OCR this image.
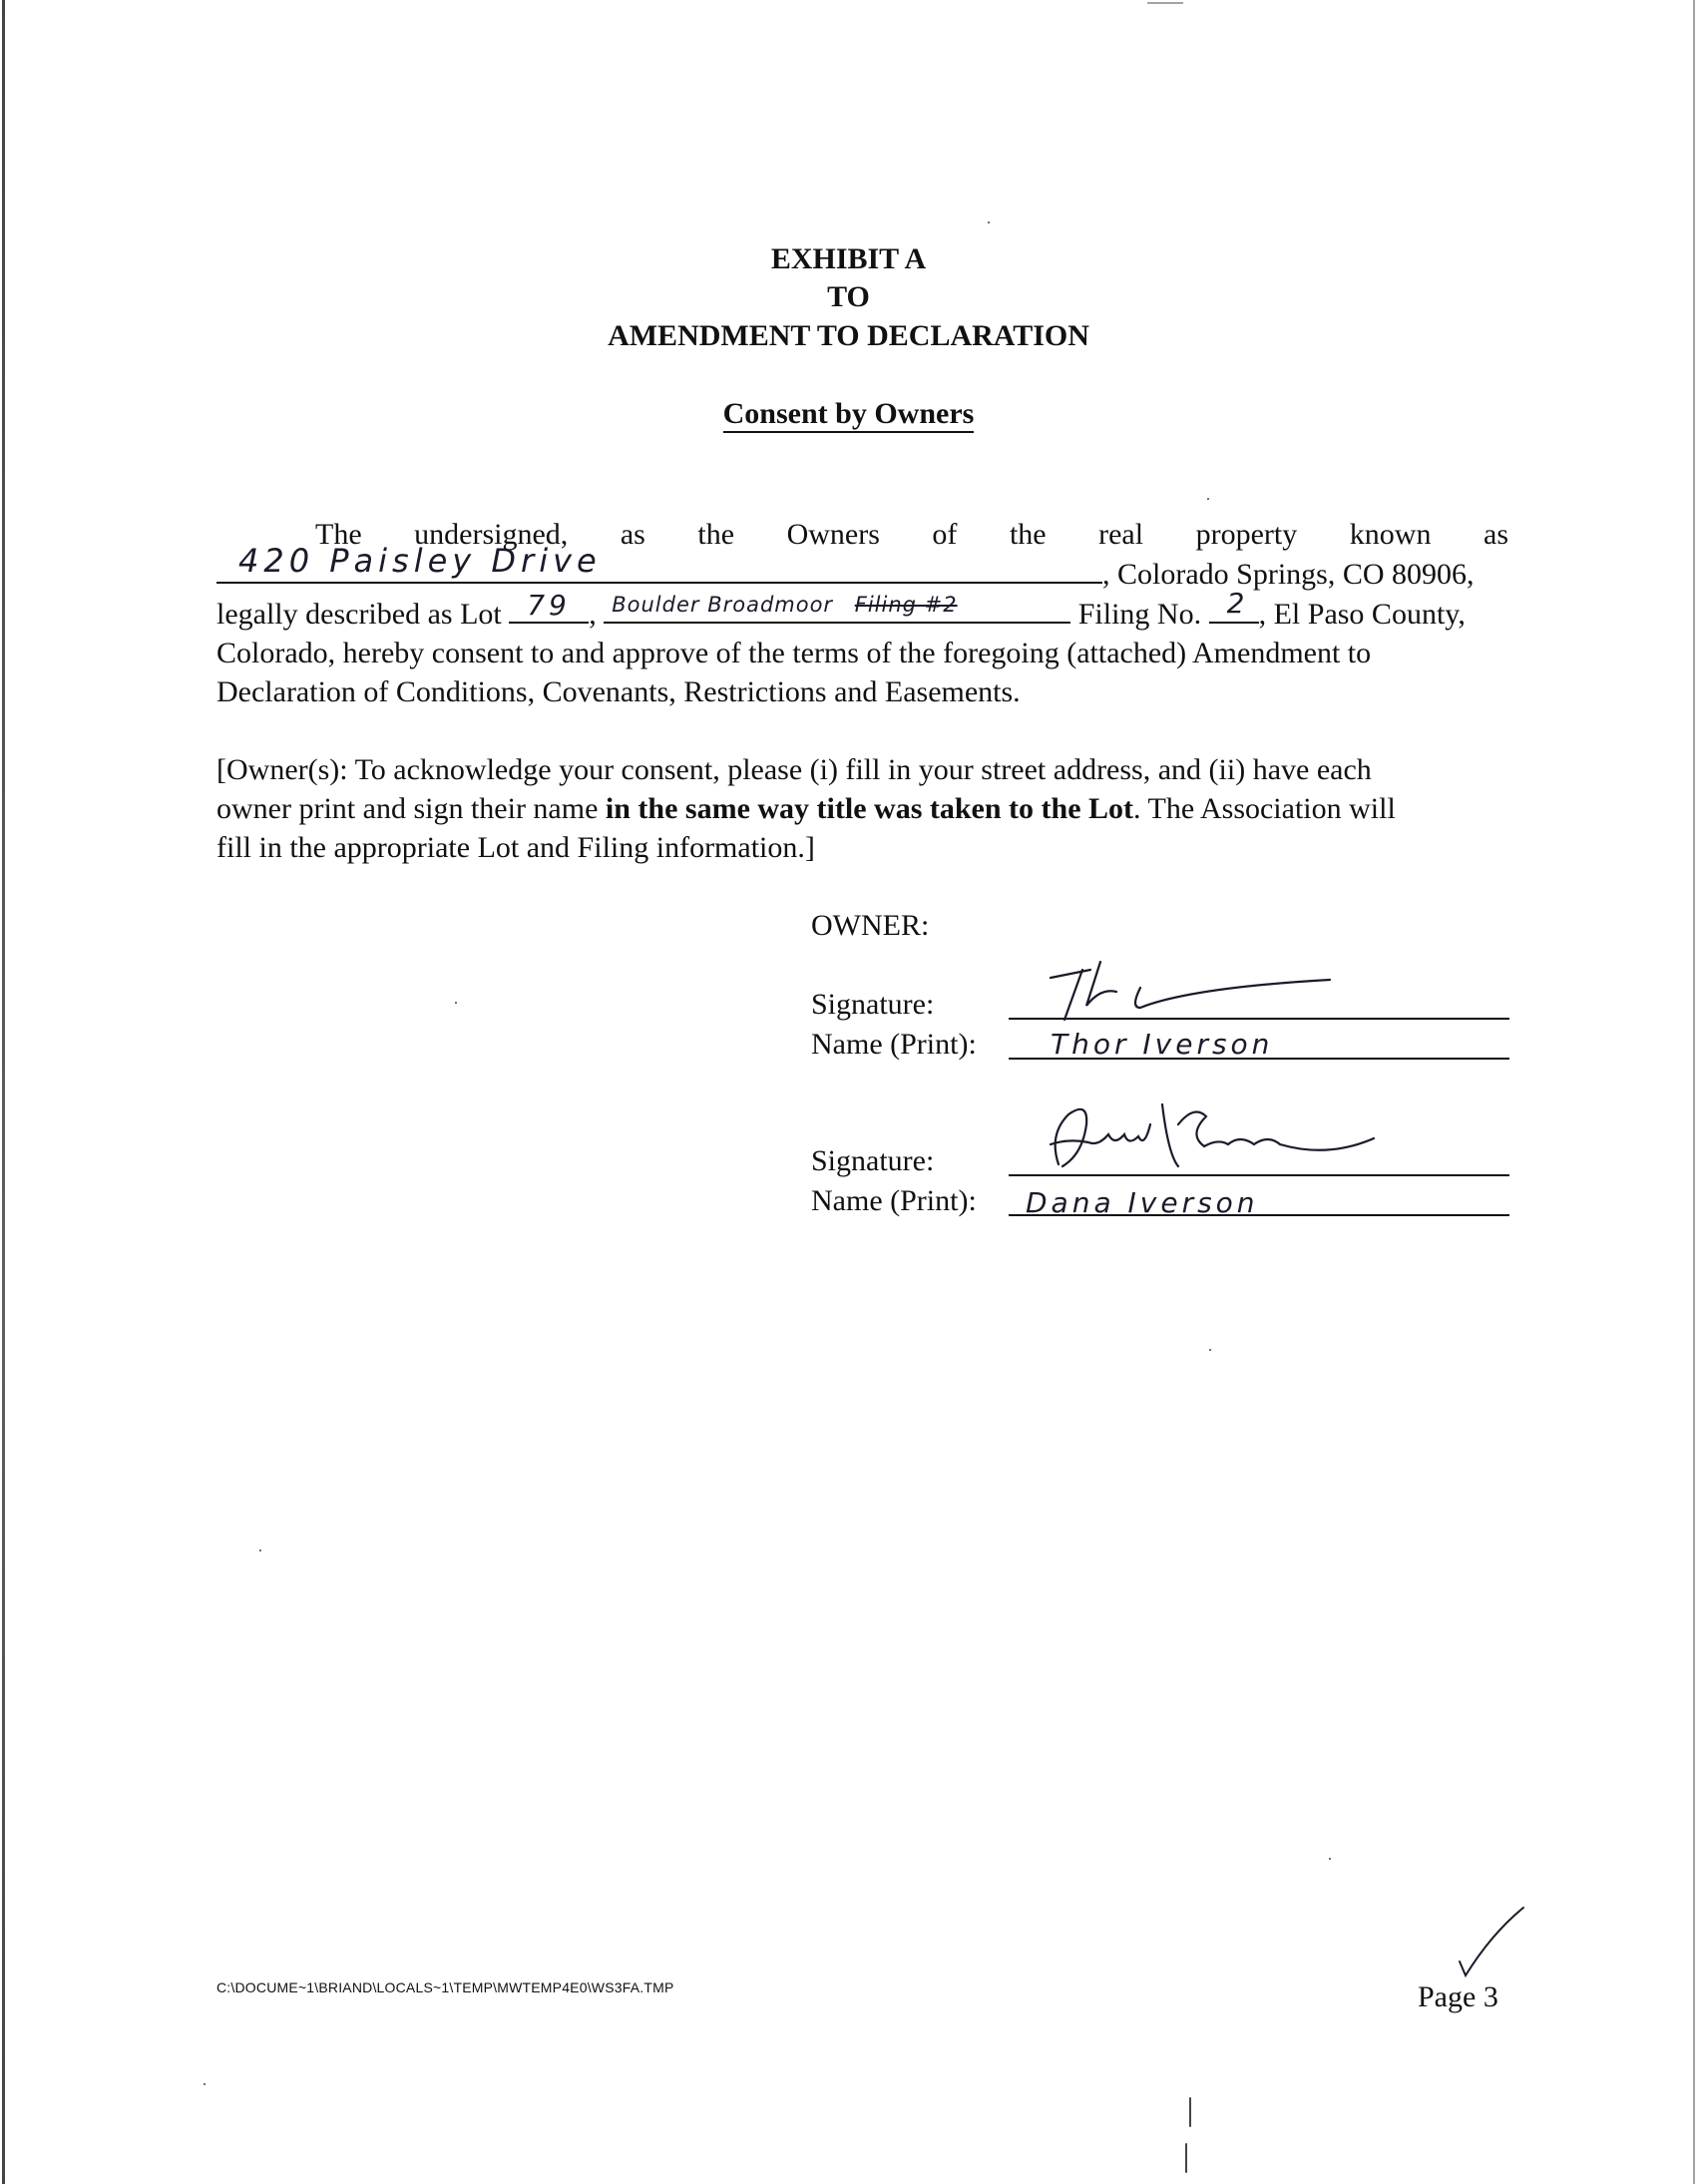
EXHIBIT A
TO
AMENDMENT TO DECLARATION
Consent by Owners
The undersigned, as the Owners of the real property known as
420 Paisley Drive	, Colorado Springs, CO 80906,
legally described as Lot 79 , Boulder Broadmoor Filing #2	Filing No. 2 , El Paso County,
Colorado, hereby consent to and approve of the terms of the foregoing (attached) Amendment to
Declaration of Conditions, Covenants, Restrictions and Easements.
[Owner(s): To acknowledge your consent, please (i) fill in your street address, and (ii) have each
owner print and sign their name in the same way title was taken to the Lot. The Association will
fill in the appropriate Lot and Filing information.]
OWNER:
Signature:
Name (Print):	Thor Iverson
Signature:
Name (Print): Dana Iverson
C:\DOCUME~1\BRIAND\LOCALS~1\TEMP\MWTEMP4E0\WS3FA.TMP	Page 3
